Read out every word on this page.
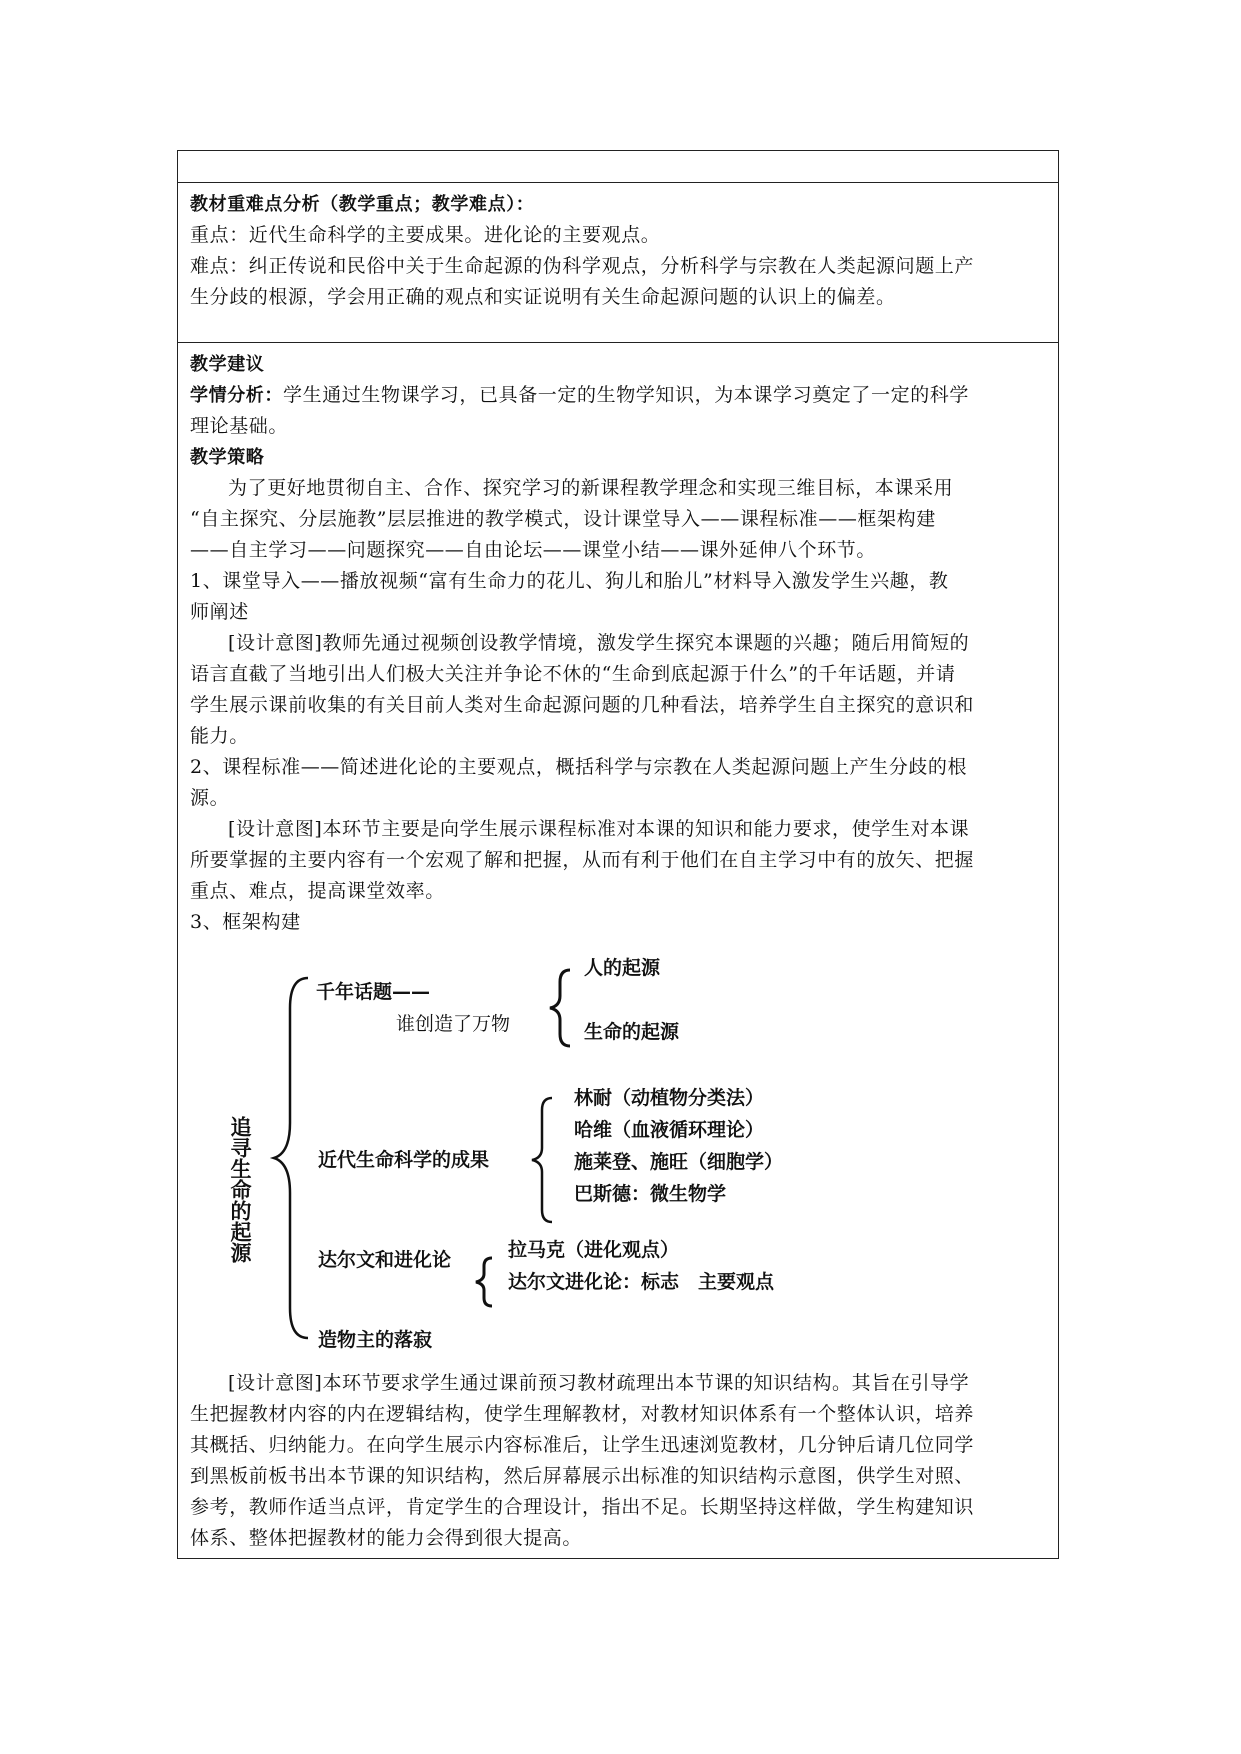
教材重难点分析（教学重点；教学难点）：

重点：近代生命科学的主要成果。进化论的主要观点。

难点：纠正传说和民俗中关于生命起源的伪科学观点，分析科学与宗教在人类起源问题上产

生分歧的根源，学会用正确的观点和实证说明有关生命起源问题的认识上的偏差。

教学建议

学情分析：学生通过生物课学习，已具备一定的生物学知识，为本课学习奠定了一定的科学

理论基础。

教学策略

为了更好地贯彻自主、合作、探究学习的新课程教学理念和实现三维目标，本课采用

“自主探究、分层施教”层层推进的教学模式，设计课堂导入——课程标准——框架构建

——自主学习——问题探究——自由论坛——课堂小结——课外延伸八个环节。

1、课堂导入——播放视频“富有生命力的花儿、狗儿和胎儿”材料导入激发学生兴趣，教

师阐述

[设计意图]教师先通过视频创设教学情境，激发学生探究本课题的兴趣；随后用简短的

语言直截了当地引出人们极大关注并争论不休的“生命到底起源于什么”的千年话题，并请

学生展示课前收集的有关目前人类对生命起源问题的几种看法，培养学生自主探究的意识和

能力。

2、课程标准——简述进化论的主要观点，概括科学与宗教在人类起源问题上产生分歧的根

源。

[设计意图]本环节主要是向学生展示课程标准对本课的知识和能力要求，使学生对本课

所要掌握的主要内容有一个宏观了解和把握，从而有利于他们在自主学习中有的放矢、把握

重点、难点，提高课堂效率。

3、框架构建

追寻生命的起源
千年话题——
谁创造了万物
人的起源
生命的起源
近代生命科学的成果
林耐（动植物分类法）
哈维（血液循环理论）
施莱登、施旺（细胞学）
巴斯德：微生物学
达尔文和进化论	拉马克（进化观点）
达尔文进化论：标志　主要观点
造物主的落寂

[设计意图]本环节要求学生通过课前预习教材疏理出本节课的知识结构。其旨在引导学

生把握教材内容的内在逻辑结构，使学生理解教材，对教材知识体系有一个整体认识，培养

其概括、归纳能力。在向学生展示内容标准后，让学生迅速浏览教材，几分钟后请几位同学

到黑板前板书出本节课的知识结构，然后屏幕展示出标准的知识结构示意图，供学生对照、

参考，教师作适当点评，肯定学生的合理设计，指出不足。长期坚持这样做，学生构建知识

体系、整体把握教材的能力会得到很大提高。
